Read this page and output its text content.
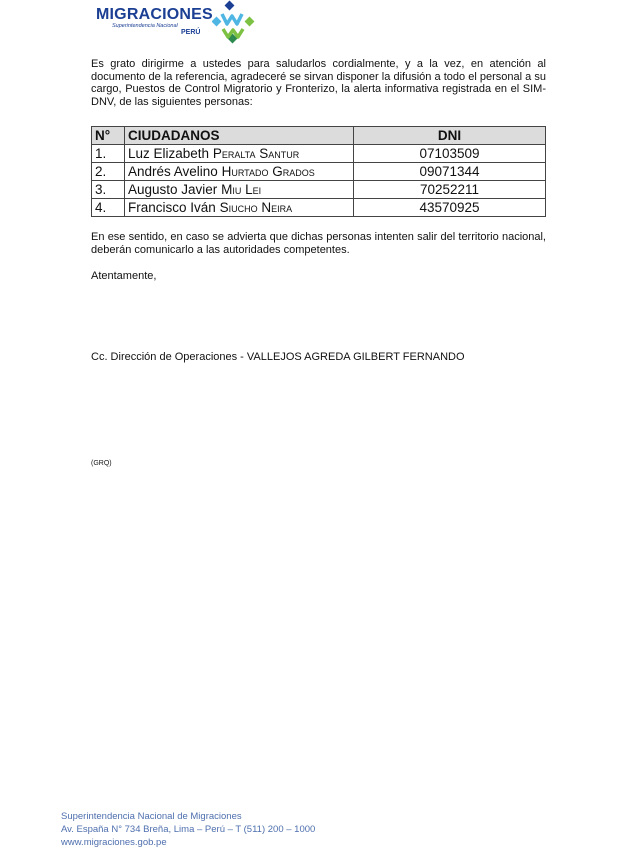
MIGRACIONES
Superintendencia Nacional
PERÚ

Es grato dirigirme a ustedes para saludarlos cordialmente, y a la vez, en atención al documento de la referencia, agradeceré se sirvan disponer la difusión a todo el personal a su cargo, Puestos de Control Migratorio y Fronterizo, la alerta informativa registrada en el SIM-DNV, de las siguientes personas:

N°	CIUDADANOS	DNI
1.	Luz Elizabeth Peralta Santur	07103509
2.	Andrés Avelino Hurtado Grados	09071344
3.	Augusto Javier Miu Lei	70252211
4.	Francisco Iván Siucho Neira	43570925

En ese sentido, en caso se advierta que dichas personas intenten salir del territorio nacional, deberán comunicarlo a las autoridades competentes.

Atentamente,

Cc. Dirección de Operaciones - VALLEJOS AGREDA GILBERT FERNANDO

(GRQ)

Superintendencia Nacional de Migraciones
Av. España N° 734 Breña, Lima – Perú – T (511) 200 – 1000
www.migraciones.gob.pe
